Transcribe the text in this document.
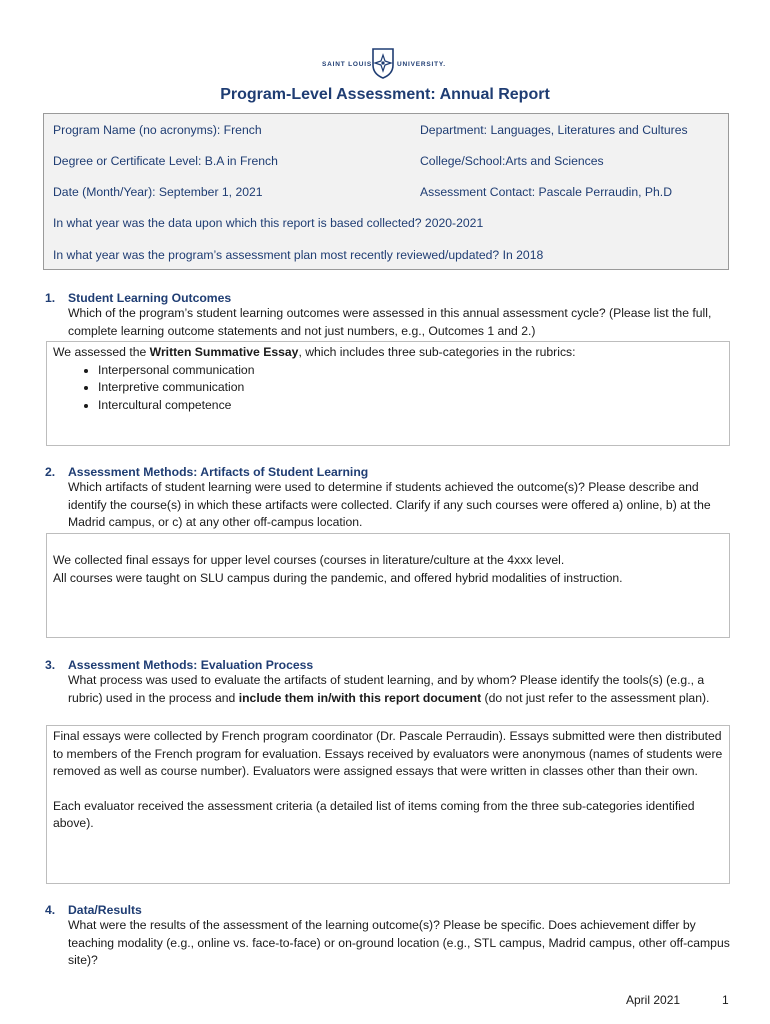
SAINT LOUIS	UNIVERSITY.
Program-Level Assessment: Annual Report
Program Name (no acronyms): French	Department: Languages, Literatures and Cultures
Degree or Certificate Level: B.A in French	College/School:Arts and Sciences
Date (Month/Year): September 1, 2021	Assessment Contact: Pascale Perraudin, Ph.D
In what year was the data upon which this report is based collected? 2020-2021
In what year was the program’s assessment plan most recently reviewed/updated? In 2018
1. Student Learning Outcomes
Which of the program’s student learning outcomes were assessed in this annual assessment cycle? (Please list the full, complete learning outcome statements and not just numbers, e.g., Outcomes 1 and 2.)
We assessed the Written Summative Essay, which includes three sub-categories in the rubrics:
• Interpersonal communication
• Interpretive communication
• Intercultural competence
2. Assessment Methods: Artifacts of Student Learning
Which artifacts of student learning were used to determine if students achieved the outcome(s)? Please describe and identify the course(s) in which these artifacts were collected. Clarify if any such courses were offered a) online, b) at the Madrid campus, or c) at any other off-campus location.
We collected final essays for upper level courses (courses in literature/culture at the 4xxx level.
All courses were taught on SLU campus during the pandemic, and offered hybrid modalities of instruction.
3. Assessment Methods: Evaluation Process
What process was used to evaluate the artifacts of student learning, and by whom? Please identify the tools(s) (e.g., a rubric) used in the process and include them in/with this report document (do not just refer to the assessment plan).
Final essays were collected by French program coordinator (Dr. Pascale Perraudin). Essays submitted were then distributed to members of the French program for evaluation. Essays received by evaluators were anonymous (names of students were removed as well as course number). Evaluators were assigned essays that were written in classes other than their own.
Each evaluator received the assessment criteria (a detailed list of items coming from the three sub-categories identified above).
4. Data/Results
What were the results of the assessment of the learning outcome(s)? Please be specific. Does achievement differ by teaching modality (e.g., online vs. face-to-face) or on-ground location (e.g., STL campus, Madrid campus, other off-campus site)?
April 2021	1
